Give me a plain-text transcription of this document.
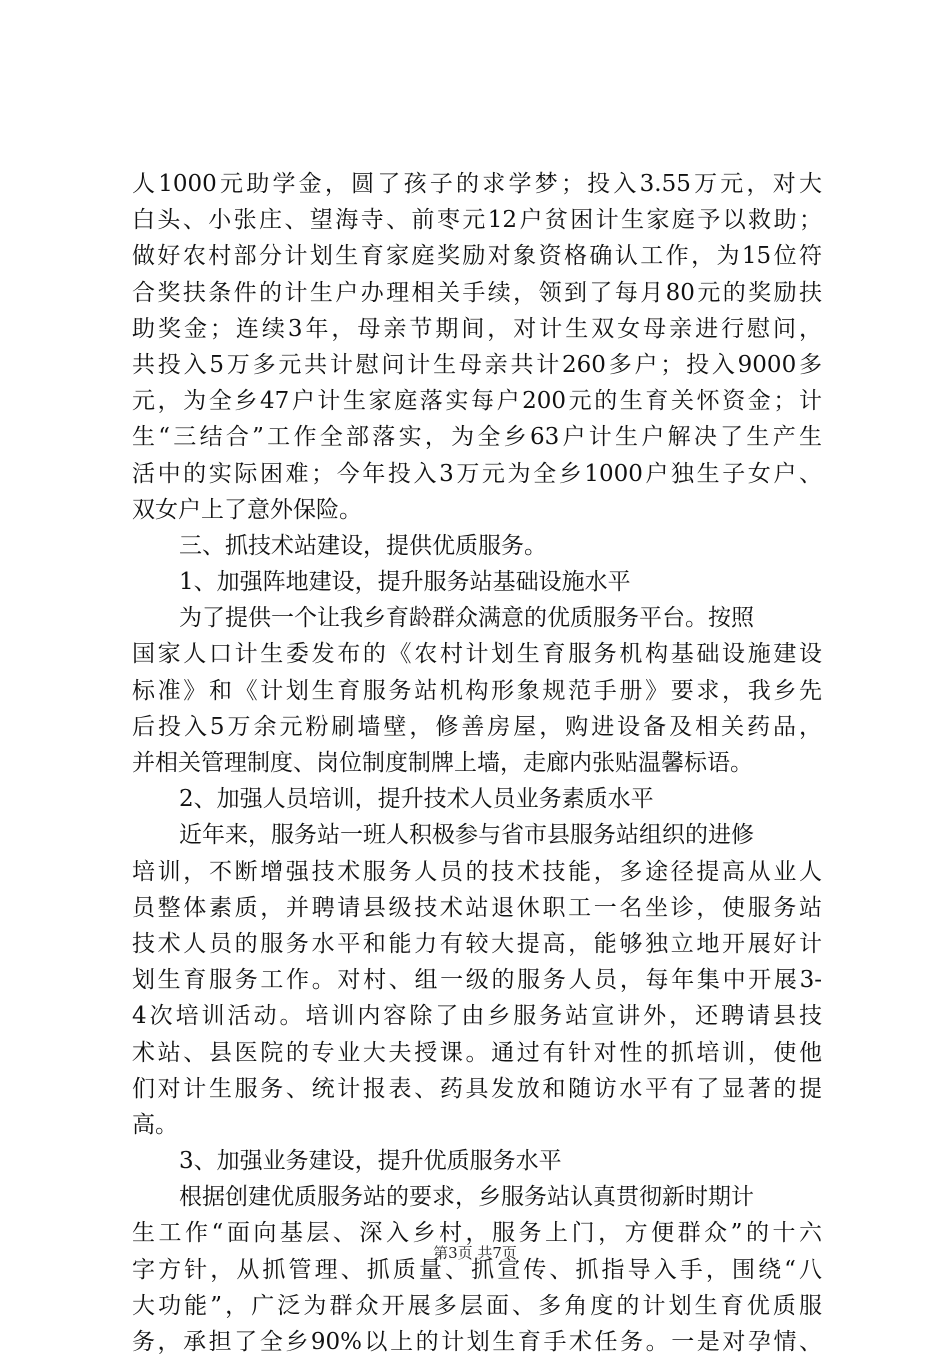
人1000元助学金，圆了孩子的求学梦；投入3.55万元，对大
白头、小张庄、望海寺、前枣元12户贫困计生家庭予以救助；
做好农村部分计划生育家庭奖励对象资格确认工作，为15位符
合奖扶条件的计生户办理相关手续，领到了每月80元的奖励扶
助奖金；连续3年，母亲节期间，对计生双女母亲进行慰问，
共投入5万多元共计慰问计生母亲共计260多户；投入9000多
元，为全乡47户计生家庭落实每户200元的生育关怀资金；计
生“三结合”工作全部落实，为全乡63户计生户解决了生产生
活中的实际困难；今年投入3万元为全乡1000户独生子女户、
双女户上了意外保险。
三、抓技术站建设，提供优质服务。
1、加强阵地建设，提升服务站基础设施水平
为了提供一个让我乡育龄群众满意的优质服务平台。按照
国家人口计生委发布的《农村计划生育服务机构基础设施建设
标准》和《计划生育服务站机构形象规范手册》要求，我乡先
后投入5万余元粉刷墙壁，修善房屋，购进设备及相关药品，
并相关管理制度、岗位制度制牌上墙，走廊内张贴温馨标语。
2、加强人员培训，提升技术人员业务素质水平
近年来，服务站一班人积极参与省市县服务站组织的进修
培训，不断增强技术服务人员的技术技能，多途径提高从业人
员整体素质，并聘请县级技术站退休职工一名坐诊，使服务站
技术人员的服务水平和能力有较大提高，能够独立地开展好计
划生育服务工作。对村、组一级的服务人员，每年集中开展3-
4次培训活动。培训内容除了由乡服务站宣讲外，还聘请县技
术站、县医院的专业大夫授课。通过有针对性的抓培训，使他
们对计生服务、统计报表、药具发放和随访水平有了显著的提
高。
3、加强业务建设，提升优质服务水平
根据创建优质服务站的要求，乡服务站认真贯彻新时期计
生工作“面向基层、深入乡村，服务上门，方便群众”的十六
字方针，从抓管理、抓质量、抓宣传、抓指导入手，围绕“八
大功能”，广泛为群众开展多层面、多角度的计划生育优质服
务，承担了全乡90%以上的计划生育手术任务。一是对孕情、
第3页 共7页
